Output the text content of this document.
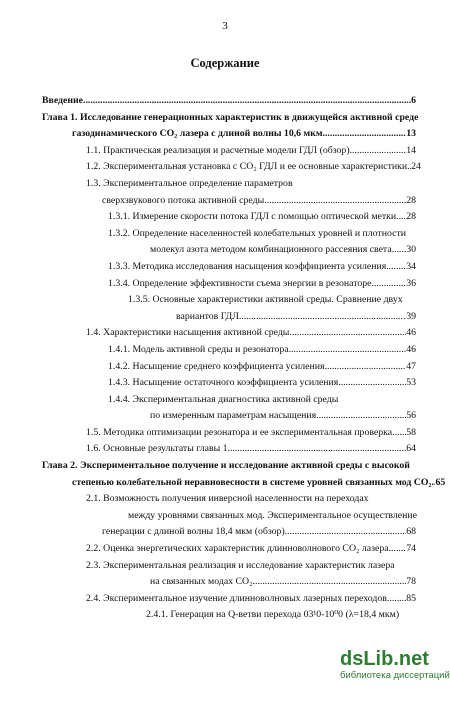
3
Содержание
Введение .....	6
Глава 1. Исследование генерационных характеристик в движущейся активной среде
газодинамического CO₂ лазера с длиной волны 10,6 мкм .....	13
1.1. Практическая реализация и расчетные модели ГДЛ (обзор) .....	14
1.2. Экспериментальная установка с CO₂ ГДЛ и ее основные характеристики ..... 24
1.3. Экспериментальное определение параметров
сверхзвукового потока активной среды .....	28
1.3.1. Измерение скорости потока ГДЛ с помощью оптической метки ..... 28
1.3.2. Определение населенностей колебательных уровней и плотности
молекул азота методом комбинационного рассеяния света ..... 30
1.3.3. Методика исследования насыщения коэффициента усиления ..... 34
1.3.4. Определение эффективности съема энергии в резонаторе .....	36
1.3.5. Основные характеристики активной среды. Сравнение двух
вариантов ГДЛ .....	39
1.4. Характеристики насыщения активной среды .....	46
1.4.1. Модель активной среды и резонатора .....	46
1.4.2. Насыщение среднего коэффициента усиления .....	47
1.4.3. Насыщение остаточного коэффициента усиления .....	53
1.4.4. Экспериментальная диагностика активной среды
по измеренным параметрам насыщения .....	56
1.5. Методика оптимизации резонатора и ее экспериментальная проверка ..... 58
1.6. Основные результаты главы 1 .....	64
Глава 2. Экспериментальное получение и исследование активной среды с высокой
степенью колебательной неравновесности в системе уровней связанных мод CO₂ ..... 65
2.1. Возможность получения инверсной населенности на переходах
между уровнями связанных мод. Экспериментальное осуществление
генерации с длиной волны 18,4 мкм (обзор) .....	68
2.2. Оценка энергетических характеристик длинноволнового CO₂ лазера ..... 74
2.3. Экспериментальная реализация и исследование характеристик лазера
на связанных модах CO₂ .....	78
2.4. Экспериментальное изучение длинноволновых лазерных переходов ..... 85
2.4.1. Генерация на Q-ветви перехода 03¹0-10⁰0 (λ=18,4 мкм)
dsLib.net
библиотека диссертаций
